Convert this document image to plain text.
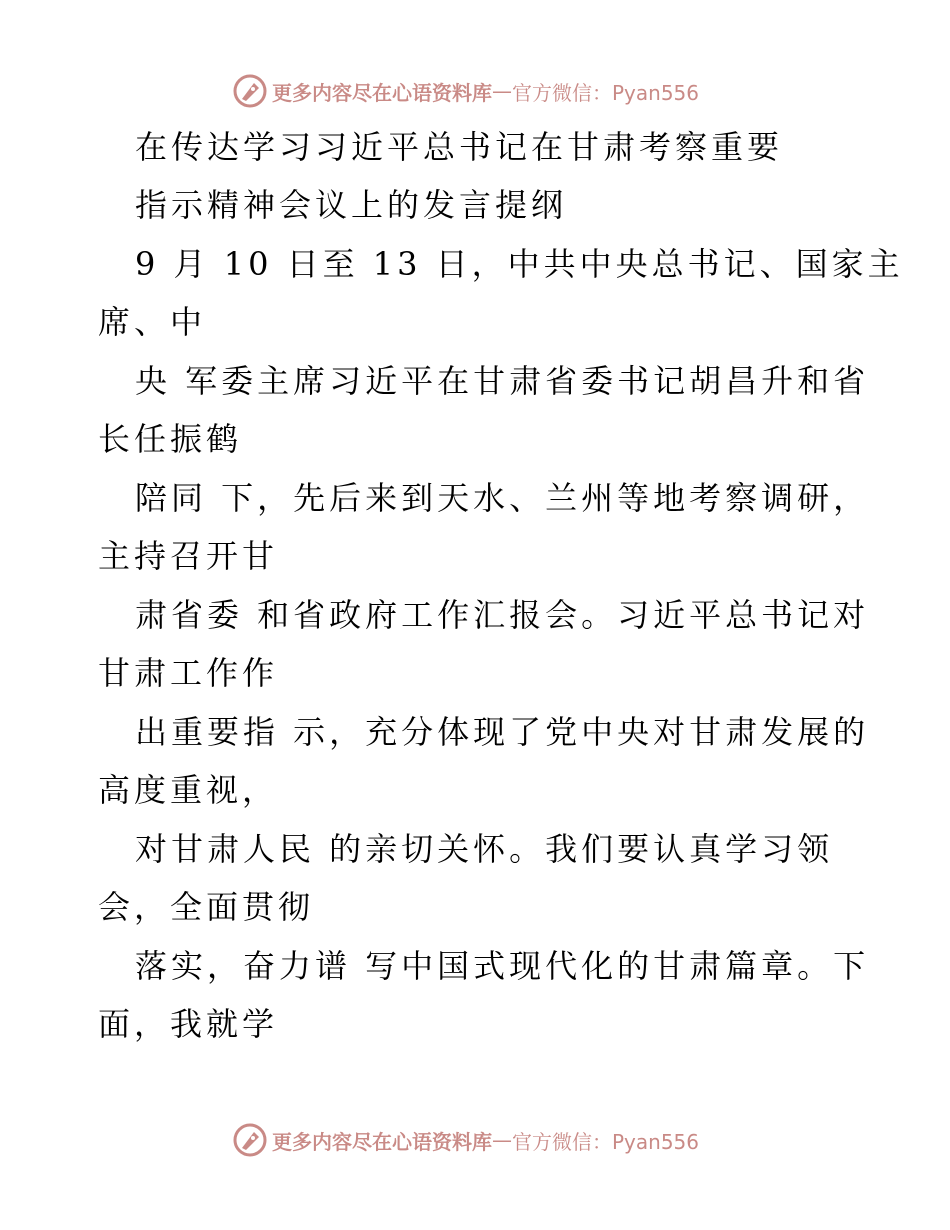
更多内容尽在心语资料库 — 官方微信：Pyan556
在传达学习习近平总书记在甘肃考察重要
指示精神会议上的发言提纲
9 月 10 日至 13 日，中共中央总书记、国家主
席、中
央 军委主席习近平在甘肃省委书记胡昌升和省
长任振鹤
陪同 下，先后来到天水、兰州等地考察调研，
主持召开甘
肃省委 和省政府工作汇报会。习近平总书记对
甘肃工作作
出重要指 示，充分体现了党中央对甘肃发展的
高度重视，
对甘肃人民 的亲切关怀。我们要认真学习领
会，全面贯彻
落实，奋力谱 写中国式现代化的甘肃篇章。下
面，我就学
更多内容尽在心语资料库 — 官方微信：Pyan556
